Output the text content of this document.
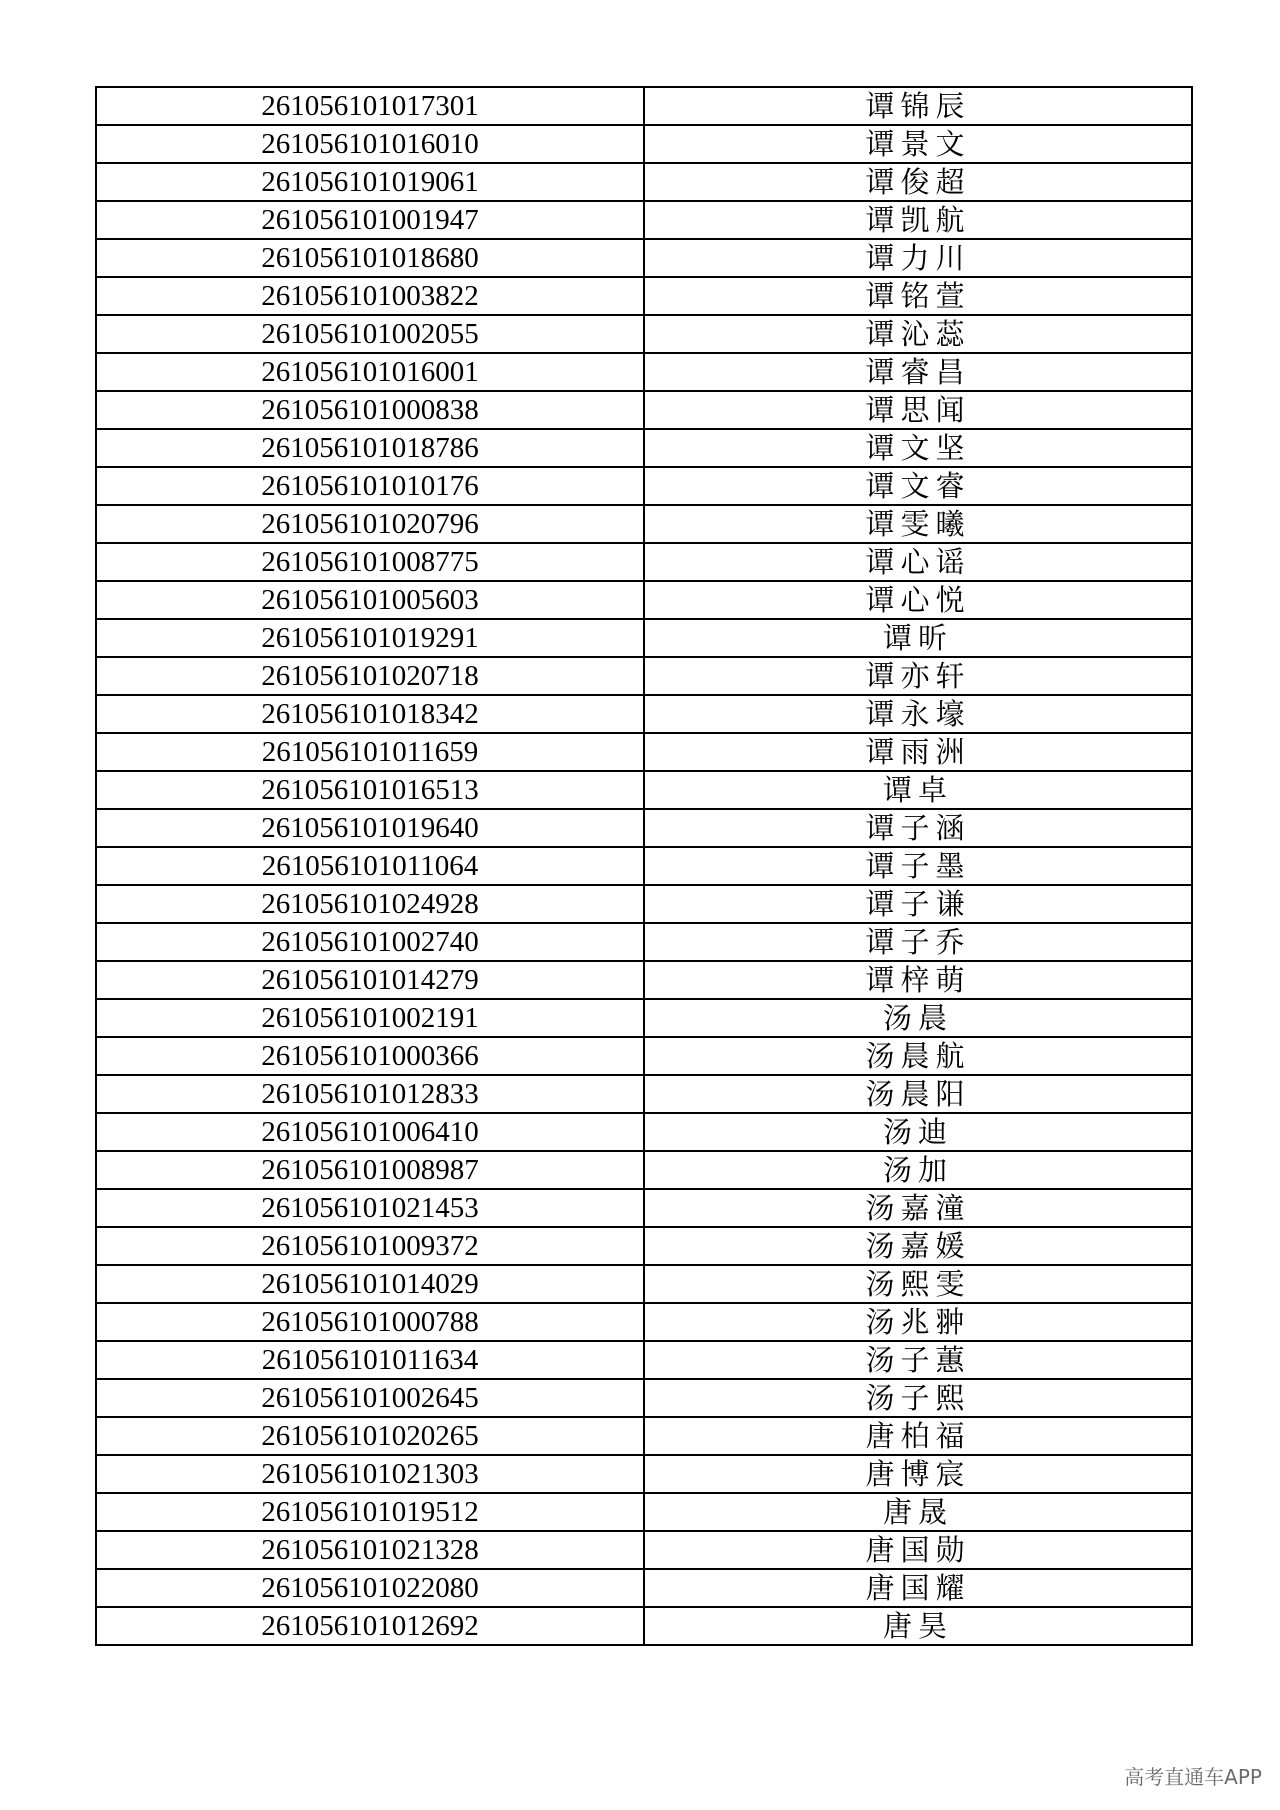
261056101017301	谭锦辰
261056101016010	谭景文
261056101019061	谭俊超
261056101001947	谭凯航
261056101018680	谭力川
261056101003822	谭铭萱
261056101002055	谭沁蕊
261056101016001	谭睿昌
261056101000838	谭思闻
261056101018786	谭文坚
261056101010176	谭文睿
261056101020796	谭雯曦
261056101008775	谭心谣
261056101005603	谭心悦
261056101019291	谭昕
261056101020718	谭亦轩
261056101018342	谭永壕
261056101011659	谭雨洲
261056101016513	谭卓
261056101019640	谭子涵
261056101011064	谭子墨
261056101024928	谭子谦
261056101002740	谭子乔
261056101014279	谭梓萌
261056101002191	汤晨
261056101000366	汤晨航
261056101012833	汤晨阳
261056101006410	汤迪
261056101008987	汤加
261056101021453	汤嘉潼
261056101009372	汤嘉媛
261056101014029	汤熙雯
261056101000788	汤兆翀
261056101011634	汤子蕙
261056101002645	汤子熙
261056101020265	唐柏福
261056101021303	唐博宸
261056101019512	唐晟
261056101021328	唐国勋
261056101022080	唐国耀
261056101012692	唐昊
高考直通车APP
